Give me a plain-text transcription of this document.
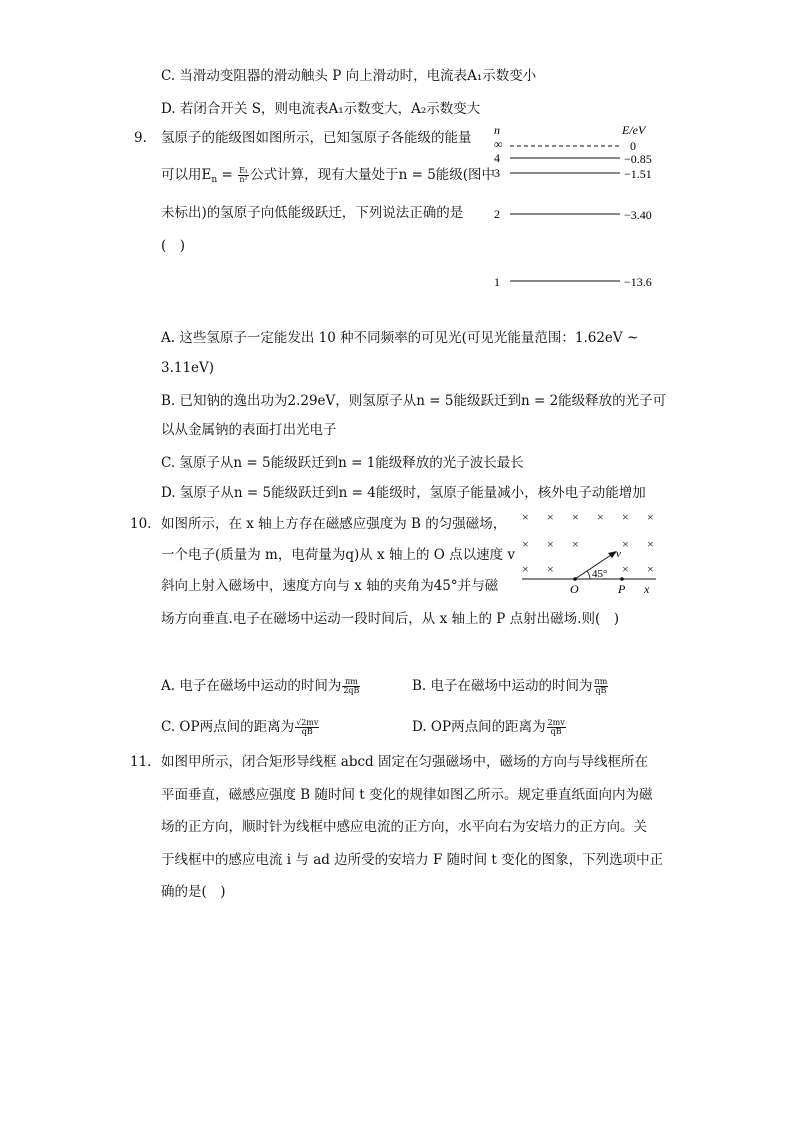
C. 当滑动变阻器的滑动触头 P 向上滑动时，电流表A₁示数变小
D. 若闭合开关 S，则电流表A₁示数变大，A₂示数变大
9. 氢原子的能级图如图所示，已知氢原子各能级的能量
可以用$E_n = \frac{\text{E₁}}{\text{n²}}$ 公式计算，现有大量处于n = 5能级(图中
未标出)的氢原子向低能级跃迁，下列说法正确的是
(　)
n	E/eV
∞	0
4	−0.85
3	−1.51
2	−3.40
1	−13.6
A. 这些氢原子一定能发出 10 种不同频率的可见光(可见光能量范围：1.62eV ~
3.11eV)
B. 已知钠的逸出功为2.29eV，则氢原子从n = 5能级跃迁到n = 2能级释放的光子可
以从金属钠的表面打出光电子
C. 氢原子从n = 5能级跃迁到n = 1能级释放的光子波长最长
D. 氢原子从n = 5能级跃迁到n = 4能级时，氢原子能量减小，核外电子动能增加
10. 如图所示，在 x 轴上方存在磁感应强度为 B 的匀强磁场，
一个电子(质量为 m，电荷量为q)从 x 轴上的 O 点以速度 v
斜向上射入磁场中，速度方向与 x 轴的夹角为45°并与磁
场方向垂直.电子在磁场中运动一段时间后，从 x 轴上的 P 点射出磁场.则(　)
× × × × × ×
× × ×	× ×
× ×	× ×
v
45°
O	P x
A. 电子在磁场中运动的时间为 $\frac{\pi m}{2qB}$	B. 电子在磁场中运动的时间为 $\frac{\pi m}{qB}$
C. OP两点间的距离为 $\frac{√2mv}{qB}$	D. OP两点间的距离为 $\frac{2mv}{qB}$
11. 如图甲所示，闭合矩形导线框 abcd 固定在匀强磁场中，磁场的方向与导线框所在
平面垂直，磁感应强度 B 随时间 t 变化的规律如图乙所示。规定垂直纸面向内为磁
场的正方向，顺时针为线框中感应电流的正方向，水平向右为安培力的正方向。关
于线框中的感应电流 i 与 ad 边所受的安培力 F 随时间 t 变化的图象，下列选项中正
确的是(　)
